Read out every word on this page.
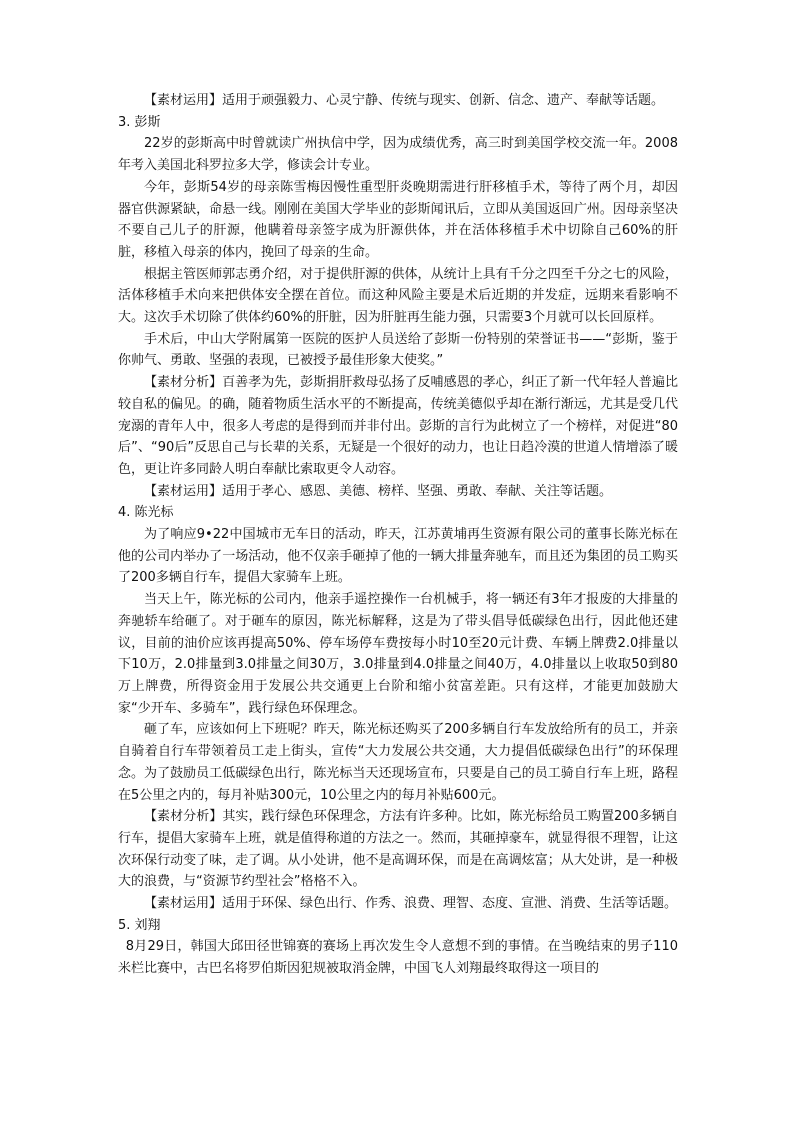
【素材运用】适用于顽强毅力、心灵宁静、传统与现实、创新、信念、遗产、奉献等话题。

3. 彭斯

22岁的彭斯高中时曾就读广州执信中学，因为成绩优秀，高三时到美国学校交流一年。2008年考入美国北科罗拉多大学，修读会计专业。

今年，彭斯54岁的母亲陈雪梅因慢性重型肝炎晚期需进行肝移植手术，等待了两个月，却因器官供源紧缺，命悬一线。刚刚在美国大学毕业的彭斯闻讯后，立即从美国返回广州。因母亲坚决不要自己儿子的肝源，他瞒着母亲签字成为肝源供体，并在活体移植手术中切除自己60%的肝脏，移植入母亲的体内，挽回了母亲的生命。

根据主管医师郭志勇介绍，对于提供肝源的供体，从统计上具有千分之四至千分之七的风险，活体移植手术向来把供体安全摆在首位。而这种风险主要是术后近期的并发症，远期来看影响不大。这次手术切除了供体约60%的肝脏，因为肝脏再生能力强，只需要3个月就可以长回原样。

手术后，中山大学附属第一医院的医护人员送给了彭斯一份特别的荣誉证书——“彭斯，鉴于你帅气、勇敢、坚强的表现，已被授予最佳形象大使奖。”

【素材分析】百善孝为先，彭斯捐肝救母弘扬了反哺感恩的孝心，纠正了新一代年轻人普遍比较自私的偏见。的确，随着物质生活水平的不断提高，传统美德似乎却在渐行渐远，尤其是受几代宠溺的青年人中，很多人考虑的是得到而并非付出。彭斯的言行为此树立了一个榜样，对促进“80后”、“90后”反思自己与长辈的关系，无疑是一个很好的动力，也让日趋冷漠的世道人情增添了暖色，更让许多同龄人明白奉献比索取更令人动容。

【素材运用】适用于孝心、感恩、美德、榜样、坚强、勇敢、奉献、关注等话题。

4. 陈光标

为了响应9•22中国城市无车日的活动，昨天，江苏黄埔再生资源有限公司的董事长陈光标在他的公司内举办了一场活动，他不仅亲手砸掉了他的一辆大排量奔驰车，而且还为集团的员工购买了200多辆自行车，提倡大家骑车上班。

当天上午，陈光标的公司内，他亲手遥控操作一台机械手，将一辆还有3年才报废的大排量的奔驰轿车给砸了。对于砸车的原因，陈光标解释，这是为了带头倡导低碳绿色出行，因此他还建议，目前的油价应该再提高50%、停车场停车费按每小时10至20元计费、车辆上牌费2.0排量以下10万，2.0排量到3.0排量之间30万，3.0排量到4.0排量之间40万，4.0排量以上收取50到80万上牌费，所得资金用于发展公共交通更上台阶和缩小贫富差距。只有这样，才能更加鼓励大家“少开车、多骑车”，践行绿色环保理念。

砸了车，应该如何上下班呢？昨天，陈光标还购买了200多辆自行车发放给所有的员工，并亲自骑着自行车带领着员工走上街头，宣传“大力发展公共交通，大力提倡低碳绿色出行”的环保理念。为了鼓励员工低碳绿色出行，陈光标当天还现场宣布，只要是自己的员工骑自行车上班，路程在5公里之内的，每月补贴300元，10公里之内的每月补贴600元。

【素材分析】其实，践行绿色环保理念，方法有许多种。比如，陈光标给员工购置200多辆自行车，提倡大家骑车上班，就是值得称道的方法之一。然而，其砸掉豪车，就显得很不理智，让这次环保行动变了味，走了调。从小处讲，他不是高调环保，而是在高调炫富；从大处讲，是一种极大的浪费，与“资源节约型社会”格格不入。

【素材运用】适用于环保、绿色出行、作秀、浪费、理智、态度、宣泄、消费、生活等话题。

5. 刘翔

8月29日，韩国大邱田径世锦赛的赛场上再次发生令人意想不到的事情。在当晚结束的男子110米栏比赛中，古巴名将罗伯斯因犯规被取消金牌，中国飞人刘翔最终取得这一项目的
